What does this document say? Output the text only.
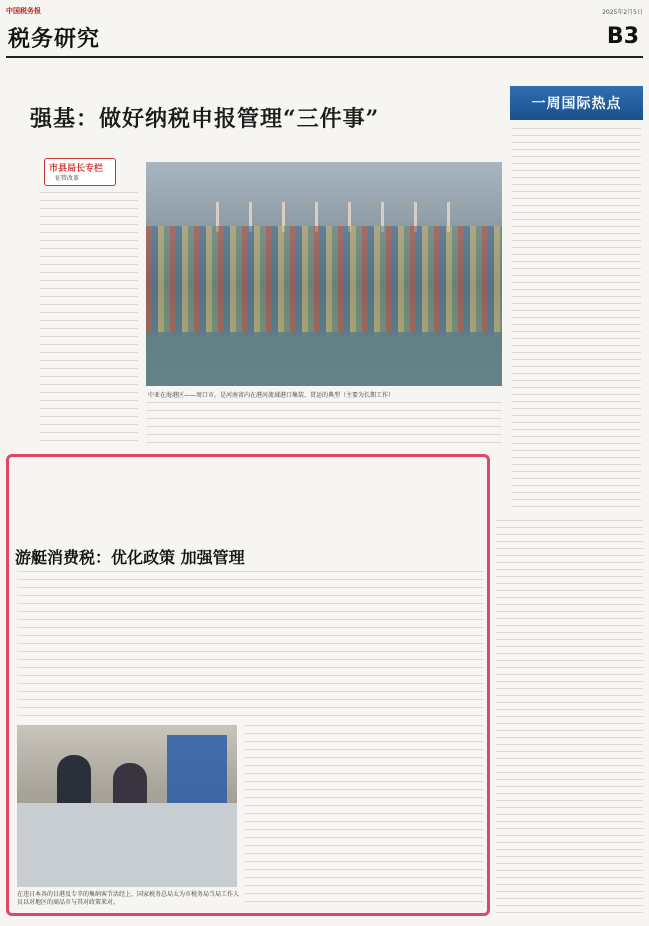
中国税务报	2025年2月5日
税务研究	B3
强基：做好纳税申报管理“三件事”
市县局长专栏
征管改革
中亚在海港区——周口市。是河南省内在港河流域港口集装、贯运的典型（主要为长期工作）
一周国际热点
游艇消费税：优化政策 加强管理
在违日本各的目港及专辛的集纳客节活经上，国家税务总局太为市税务局当局工作人员以对地区的商品市与其对政策来对。
